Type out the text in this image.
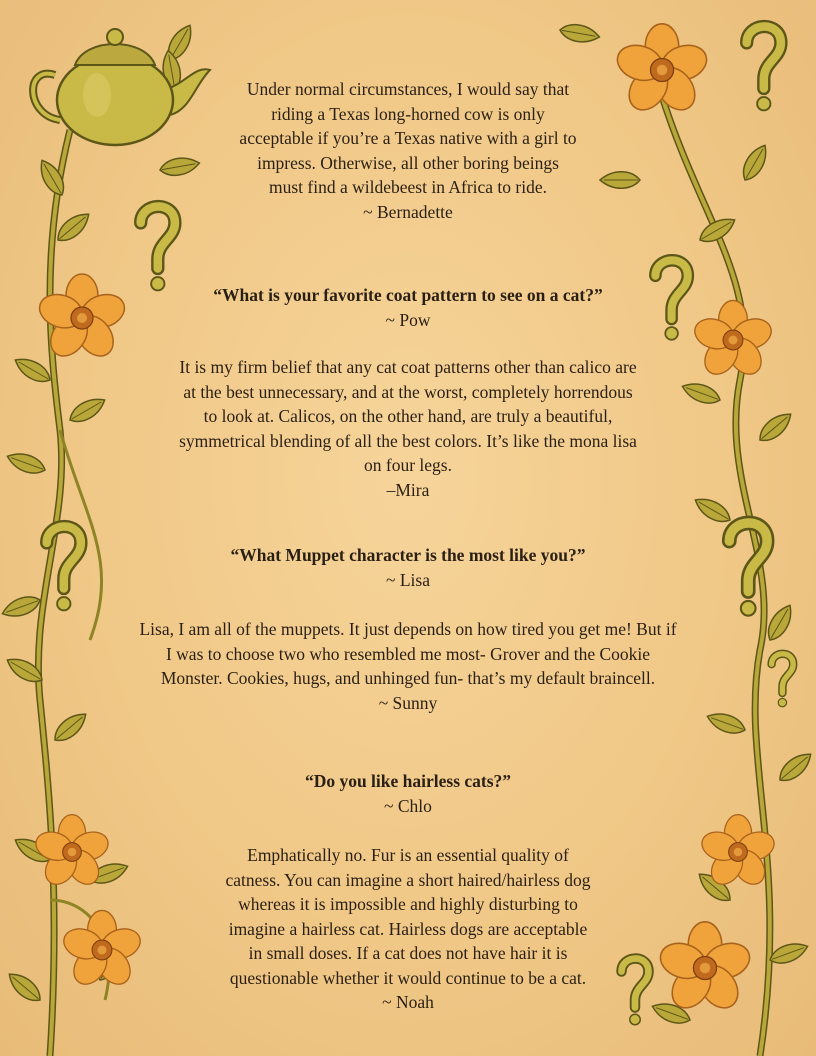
Under normal circumstances, I would say that
riding a Texas long-horned cow is only
acceptable if you’re a Texas native with a girl to
impress. Otherwise, all other boring beings
must find a wildebeest in Africa to ride.
~ Bernadette
“What is your favorite coat pattern to see on a cat?”
~ Pow
It is my firm belief that any cat coat patterns other than calico are
at the best unnecessary, and at the worst, completely horrendous
to look at. Calicos, on the other hand, are truly a beautiful,
symmetrical blending of all the best colors. It’s like the mona lisa
on four legs.
–Mira
“What Muppet character is the most like you?”
~ Lisa
Lisa, I am all of the muppets. It just depends on how tired you get me! But if
I was to choose two who resembled me most- Grover and the Cookie
Monster. Cookies, hugs, and unhinged fun- that’s my default braincell.
~ Sunny
“Do you like hairless cats?”
~ Chlo
Emphatically no. Fur is an essential quality of
catness. You can imagine a short haired/hairless dog
whereas it is impossible and highly disturbing to
imagine a hairless cat. Hairless dogs are acceptable
in small doses. If a cat does not have hair it is
questionable whether it would continue to be a cat.
~ Noah
